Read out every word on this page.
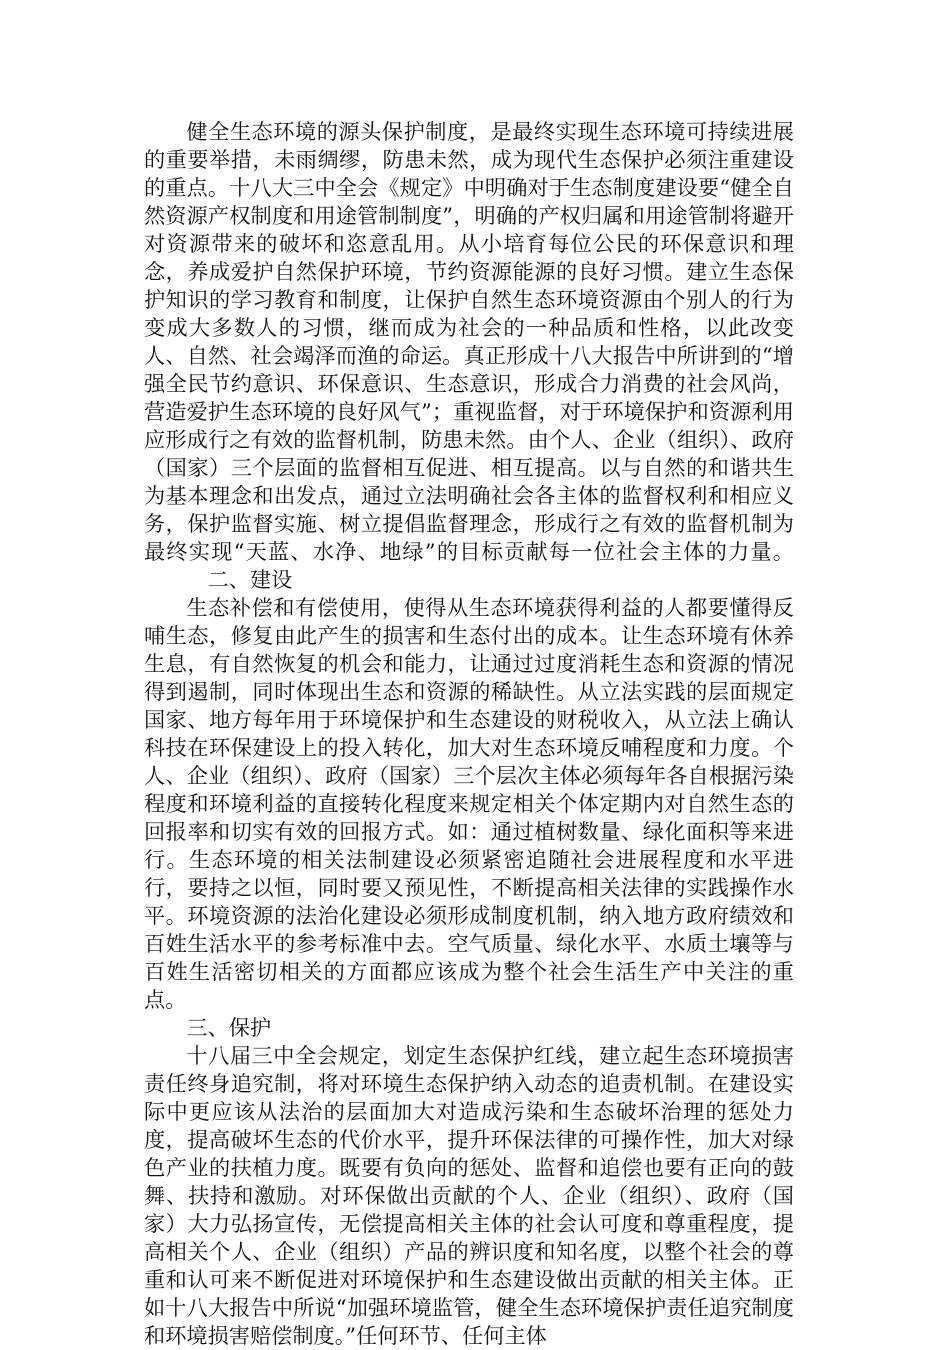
健全生态环境的源头保护制度，是最终实现生态环境可持续进展的重要举措，未雨绸缪，防患未然，成为现代生态保护必须注重建设的重点。十八大三中全会《规定》中明确对于生态制度建设要“健全自然资源产权制度和用途管制制度”，明确的产权归属和用途管制将避开对资源带来的破坏和恣意乱用。从小培育每位公民的环保意识和理念，养成爱护自然保护环境，节约资源能源的良好习惯。建立生态保护知识的学习教育和制度，让保护自然生态环境资源由个别人的行为变成大多数人的习惯，继而成为社会的一种品质和性格，以此改变人、自然、社会竭泽而渔的命运。真正形成十八大报告中所讲到的“增强全民节约意识、环保意识、生态意识，形成合力消费的社会风尚，营造爱护生态环境的良好风气”；重视监督，对于环境保护和资源利用应形成行之有效的监督机制，防患未然。由个人、企业（组织）、政府（国家）三个层面的监督相互促进、相互提高。以与自然的和谐共生为基本理念和出发点，通过立法明确社会各主体的监督权利和相应义务，保护监督实施、树立提倡监督理念，形成行之有效的监督机制为最终实现“天蓝、水净、地绿”的目标贡献每一位社会主体的力量。二、建设

生态补偿和有偿使用，使得从生态环境获得利益的人都要懂得反哺生态，修复由此产生的损害和生态付出的成本。让生态环境有休养生息，有自然恢复的机会和能力，让通过过度消耗生态和资源的情况得到遏制，同时体现出生态和资源的稀缺性。从立法实践的层面规定国家、地方每年用于环境保护和生态建设的财税收入，从立法上确认科技在环保建设上的投入转化，加大对生态环境反哺程度和力度。个人、企业（组织）、政府（国家）三个层次主体必须每年各自根据污染程度和环境利益的直接转化程度来规定相关个体定期内对自然生态的回报率和切实有效的回报方式。如：通过植树数量、绿化面积等来进行。生态环境的相关法制建设必须紧密追随社会进展程度和水平进行，要持之以恒，同时要又预见性，不断提高相关法律的实践操作水平。环境资源的法治化建设必须形成制度机制，纳入地方政府绩效和百姓生活水平的参考标准中去。空气质量、绿化水平、水质土壤等与百姓生活密切相关的方面都应该成为整个社会生活生产中关注的重点。

三、保护

十八届三中全会规定，划定生态保护红线，建立起生态环境损害责任终身追究制，将对环境生态保护纳入动态的追责机制。在建设实际中更应该从法治的层面加大对造成污染和生态破坏治理的惩处力度，提高破坏生态的代价水平，提升环保法律的可操作性，加大对绿色产业的扶植力度。既要有负向的惩处、监督和追偿也要有正向的鼓舞、扶持和激励。对环保做出贡献的个人、企业（组织）、政府（国家）大力弘扬宣传，无偿提高相关主体的社会认可度和尊重程度，提高相关个人、企业（组织）产品的辨识度和知名度，以整个社会的尊重和认可来不断促进对环境保护和生态建设做出贡献的相关主体。正如十八大报告中所说“加强环境监管，健全生态环境保护责任追究制度和环境损害赔偿制度。”任何环节、任何主体
